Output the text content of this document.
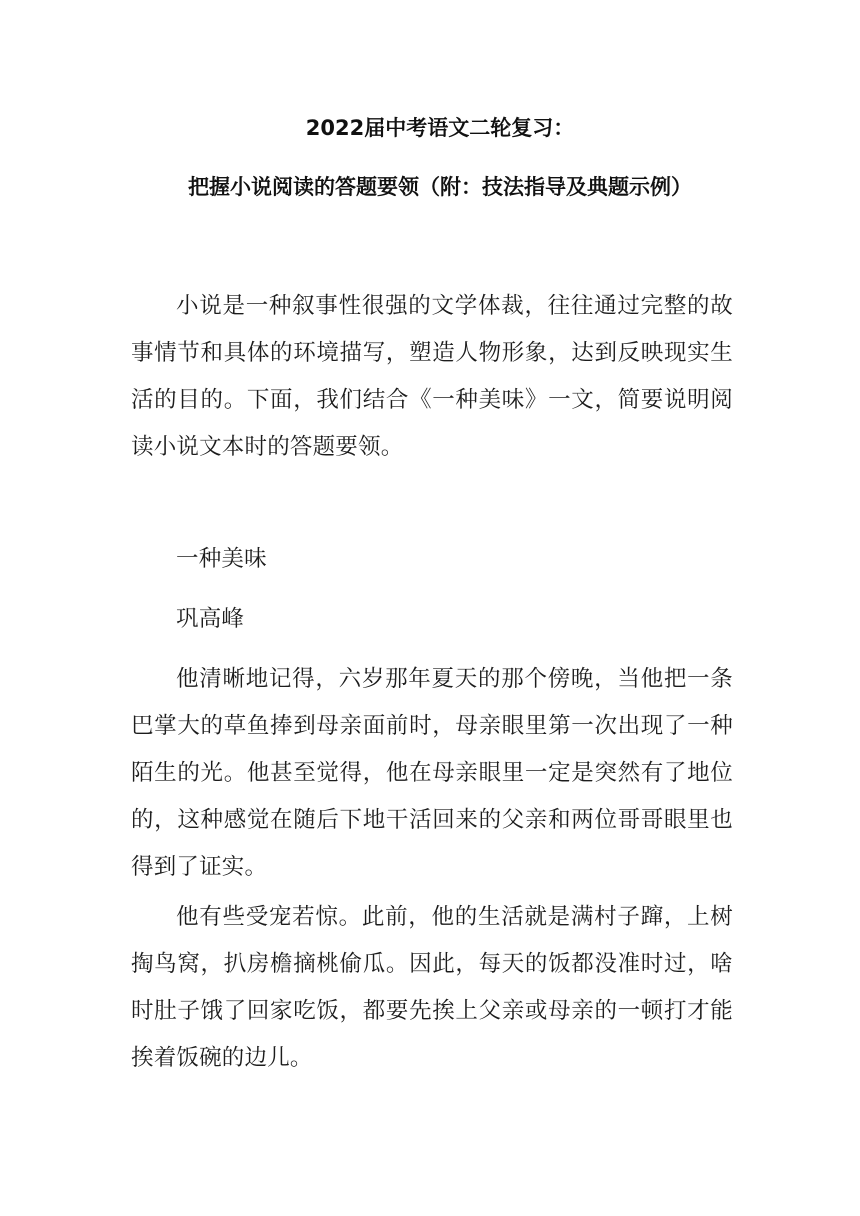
2022届中考语文二轮复习：
把握小说阅读的答题要领（附：技法指导及典题示例）

小说是一种叙事性很强的文学体裁，往往通过完整的故事情节和具体的环境描写，塑造人物形象，达到反映现实生活的目的。下面，我们结合《一种美味》一文，简要说明阅读小说文本时的答题要领。

一种美味

巩高峰

他清晰地记得，六岁那年夏天的那个傍晚，当他把一条巴掌大的草鱼捧到母亲面前时，母亲眼里第一次出现了一种陌生的光。他甚至觉得，他在母亲眼里一定是突然有了地位的，这种感觉在随后下地干活回来的父亲和两位哥哥眼里也得到了证实。

他有些受宠若惊。此前，他的生活就是满村子蹿，上树掏鸟窝，扒房檐摘桃偷瓜。因此，每天的饭都没准时过，啥时肚子饿了回家吃饭，都要先挨上父亲或母亲的一顿打才能挨着饭碗的边儿。
